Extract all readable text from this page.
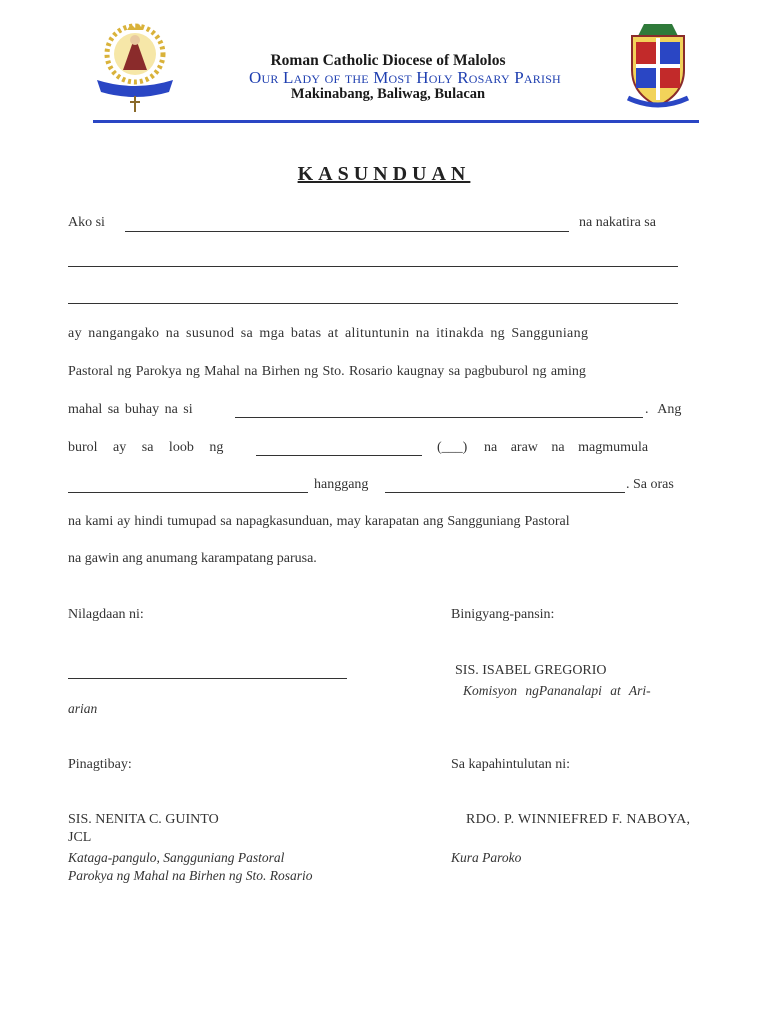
Roman Catholic Diocese of Malolos
Our Lady of the Most Holy Rosary Parish
Makinabang, Baliwag, Bulacan
KASUNDUAN
Ako si	na nakatira sa
ay nangangako na susunod sa mga batas at alituntunin na itinakda ng Sangguniang
Pastoral ng Parokya ng Mahal na Birhen ng Sto. Rosario kaugnay sa pagbuburol ng aming
mahal sa buhay na si	. Ang
burol ay sa loob ng	(___) na araw na magmumula
hanggang	. Sa oras
na kami ay hindi tumupad sa napagkasunduan, may karapatan ang Sangguniang Pastoral
na gawin ang anumang karampatang parusa.
Nilagdaan ni:	Binigyang-pansin:
SIS. ISABEL GREGORIO
Komisyon ngPananalapi at Ari-
arian
Pinagtibay:	Sa kapahintulutan ni:
SIS. NENITA C. GUINTO
JCL
Kataga-pangulo, Sangguniang Pastoral
Parokya ng Mahal na Birhen ng Sto. Rosario
RDO. P. WINNIEFRED F. NABOYA,
Kura Paroko
